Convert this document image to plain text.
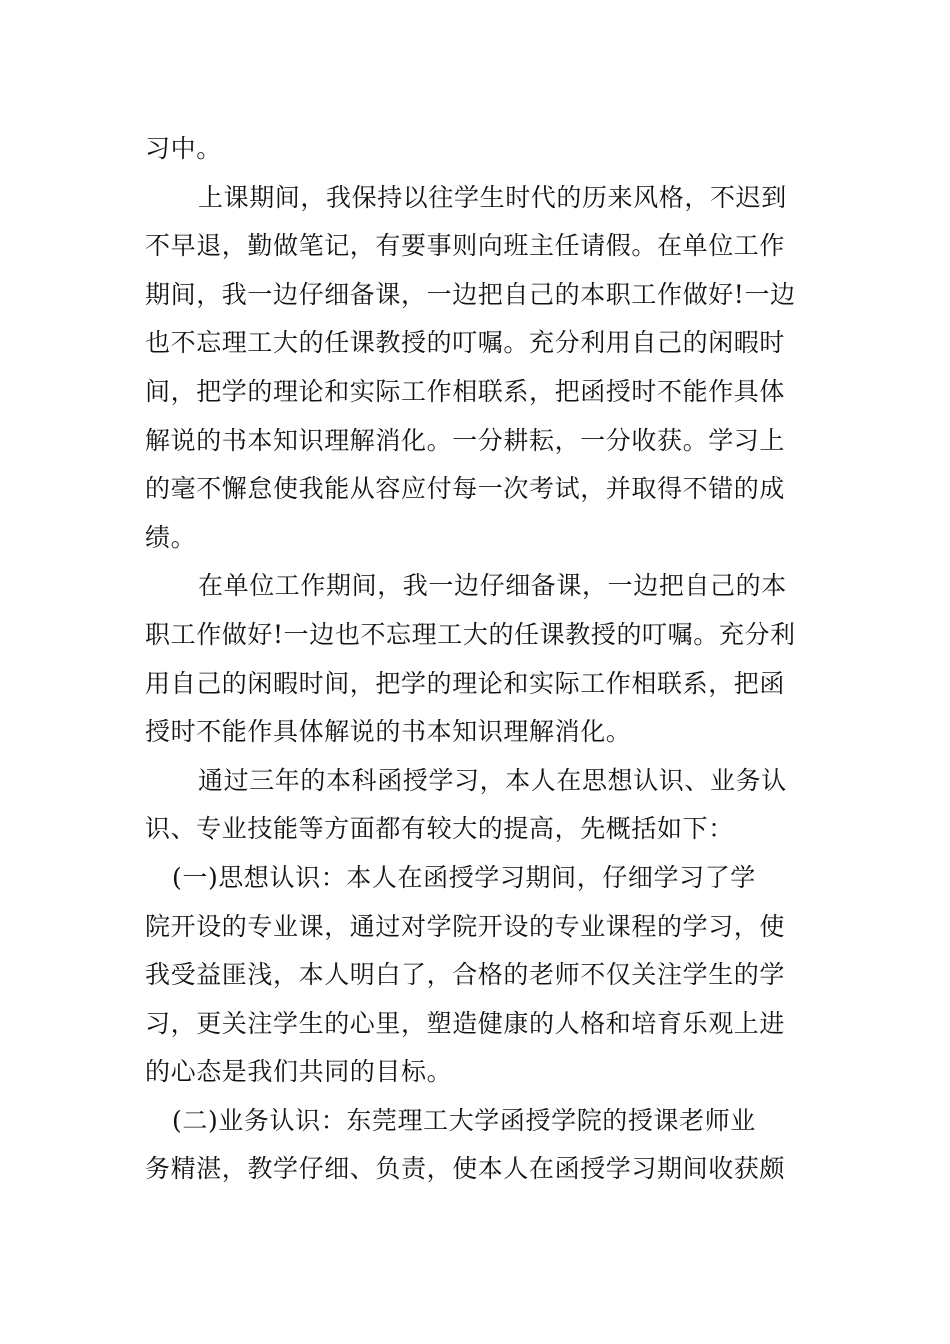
习中。
上课期间，我保持以往学生时代的历来风格，不迟到
不早退，勤做笔记，有要事则向班主任请假。在单位工作
期间，我一边仔细备课，一边把自己的本职工作做好!一边
也不忘理工大的任课教授的叮嘱。充分利用自己的闲暇时
间，把学的理论和实际工作相联系，把函授时不能作具体
解说的书本知识理解消化。一分耕耘，一分收获。学习上
的毫不懈怠使我能从容应付每一次考试，并取得不错的成
绩。
在单位工作期间，我一边仔细备课，一边把自己的本
职工作做好!一边也不忘理工大的任课教授的叮嘱。充分利
用自己的闲暇时间，把学的理论和实际工作相联系，把函
授时不能作具体解说的书本知识理解消化。
通过三年的本科函授学习，本人在思想认识、业务认
识、专业技能等方面都有较大的提高，先概括如下：
(一)思想认识：本人在函授学习期间，仔细学习了学
院开设的专业课，通过对学院开设的专业课程的学习，使
我受益匪浅，本人明白了，合格的老师不仅关注学生的学
习，更关注学生的心里，塑造健康的人格和培育乐观上进
的心态是我们共同的目标。
(二)业务认识：东莞理工大学函授学院的授课老师业
务精湛，教学仔细、负责，使本人在函授学习期间收获颇
